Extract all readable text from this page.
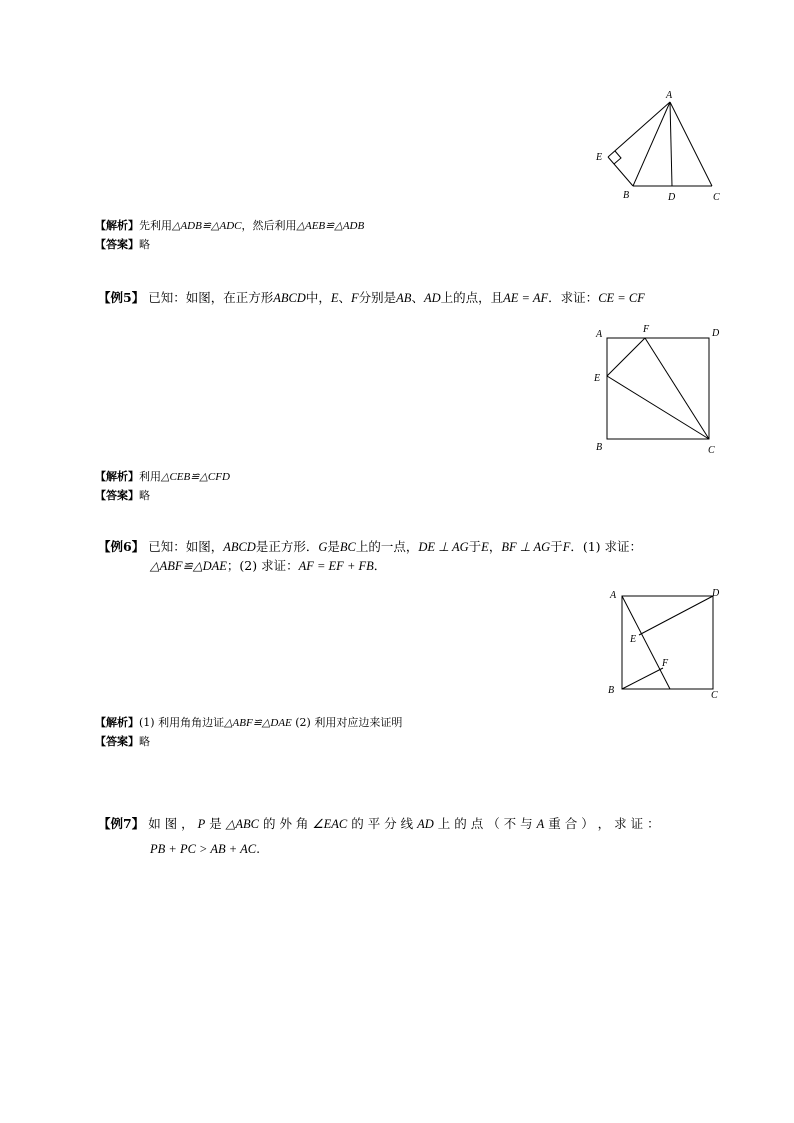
A
E
B	D	C
【解析】先利用△ADB≌△ADC，然后利用△AEB≌△ADB
【答案】略
【例5】 已知：如图，在正方形ABCD中，E、F分别是AB、AD上的点，且AE = AF．求证：CE = CF
A	F	D
E
B	C
【解析】利用△CEB≌△CFD
【答案】略
【例6】 已知：如图，ABCD是正方形．G是BC上的一点，DE ⊥ AG于E，BF ⊥ AG于F．(1) 求证：
△ABF≌△DAE；(2) 求证：AF = EF + FB．
A	D
E
F
B	C
【解析】(1) 利用角角边证△ABF≌△DAE (2) 利用对应边来证明
【答案】略
【例7】 如 图 ， P 是 △ABC 的 外 角 ∠EAC 的 平 分 线 AD 上 的 点 （ 不 与 A 重 合 ） ， 求 证 ：
PB + PC > AB + AC.
